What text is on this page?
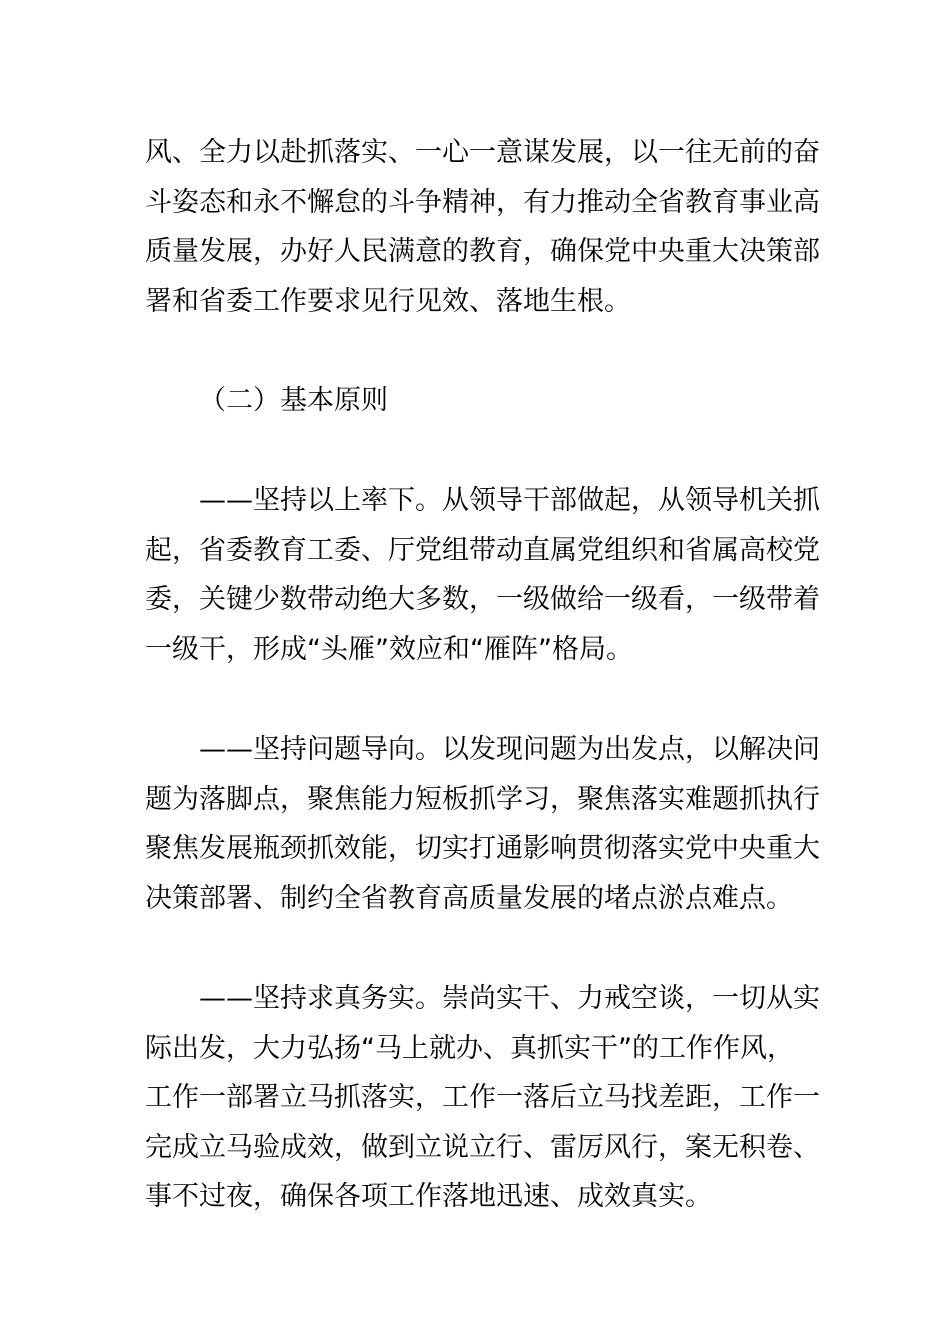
风、全力以赴抓落实、一心一意谋发展，以一往无前的奋
斗姿态和永不懈怠的斗争精神，有力推动全省教育事业高
质量发展，办好人民满意的教育，确保党中央重大决策部
署和省委工作要求见行见效、落地生根。
（二）基本原则
——坚持以上率下。从领导干部做起，从领导机关抓
起，省委教育工委、厅党组带动直属党组织和省属高校党
委，关键少数带动绝大多数，一级做给一级看，一级带着
一级干，形成“头雁”效应和“雁阵”格局。
——坚持问题导向。以发现问题为出发点，以解决问
题为落脚点，聚焦能力短板抓学习，聚焦落实难题抓执行
聚焦发展瓶颈抓效能，切实打通影响贯彻落实党中央重大
决策部署、制约全省教育高质量发展的堵点淤点难点。
——坚持求真务实。崇尚实干、力戒空谈，一切从实
际出发，大力弘扬“马上就办、真抓实干”的工作作风，
工作一部署立马抓落实，工作一落后立马找差距，工作一
完成立马验成效，做到立说立行、雷厉风行，案无积卷、
事不过夜，确保各项工作落地迅速、成效真实。
